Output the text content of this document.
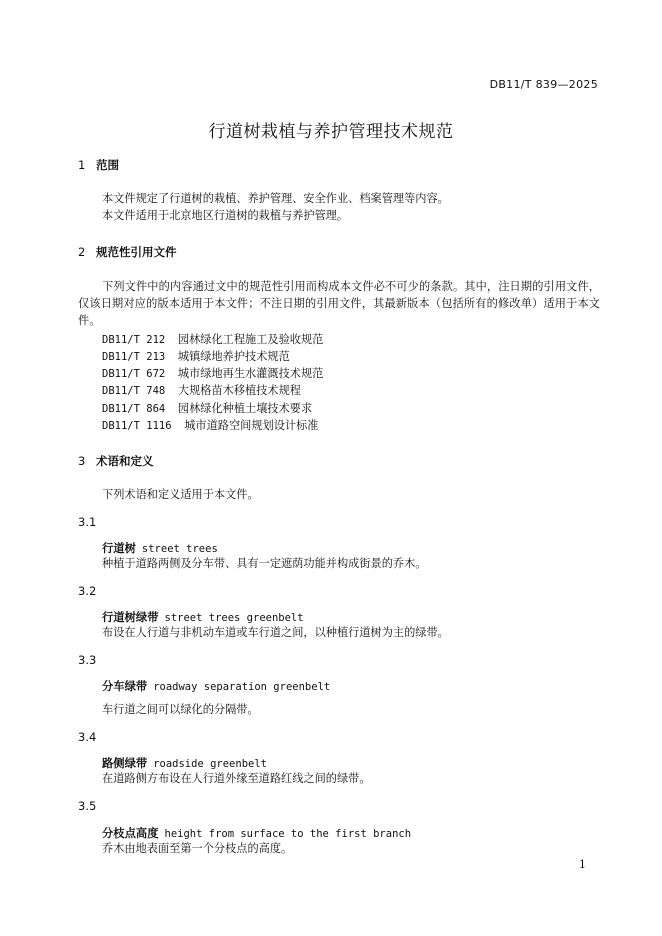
DB11/T 839—2025
行道树栽植与养护管理技术规范
1 范围
本文件规定了行道树的栽植、养护管理、安全作业、档案管理等内容。
本文件适用于北京地区行道树的栽植与养护管理。
2 规范性引用文件
下列文件中的内容通过文中的规范性引用而构成本文件必不可少的条款。其中，注日期的引用文件，仅该日期对应的版本适用于本文件；不注日期的引用文件，其最新版本（包括所有的修改单）适用于本文件。
DB11/T 212 园林绿化工程施工及验收规范
DB11/T 213 城镇绿地养护技术规范
DB11/T 672 城市绿地再生水灌溉技术规范
DB11/T 748 大规格苗木移植技术规程
DB11/T 864 园林绿化种植土壤技术要求
DB11/T 1116 城市道路空间规划设计标准
3 术语和定义
下列术语和定义适用于本文件。
3.1
行道树 street trees
种植于道路两侧及分车带、具有一定遮荫功能并构成街景的乔木。
3.2
行道树绿带 street trees greenbelt
布设在人行道与非机动车道或车行道之间，以种植行道树为主的绿带。
3.3
分车绿带 roadway separation greenbelt
车行道之间可以绿化的分隔带。
3.4
路侧绿带 roadside greenbelt
在道路侧方布设在人行道外缘至道路红线之间的绿带。
3.5
分枝点高度 height from surface to the first branch
乔木由地表面至第一个分枝点的高度。
1
